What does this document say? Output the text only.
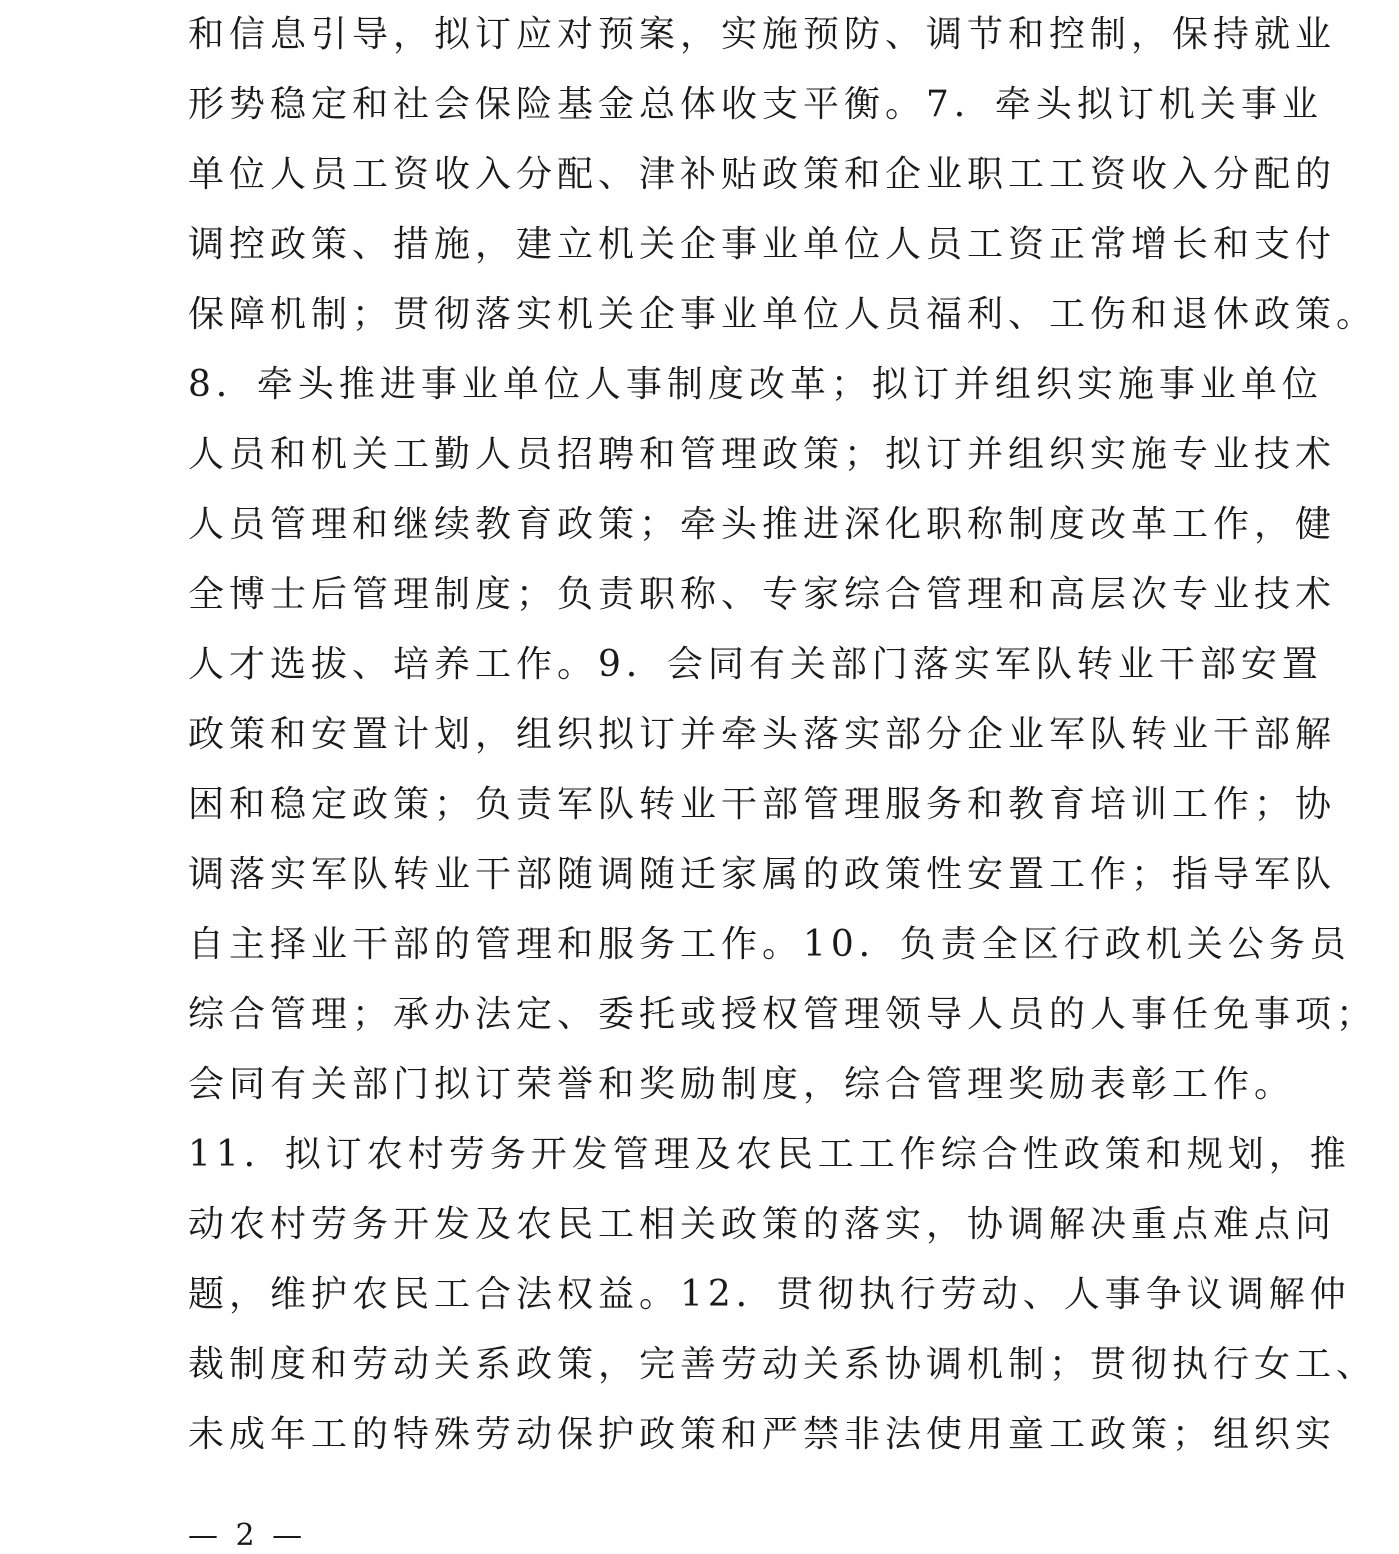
和信息引导，拟订应对预案，实施预防、调节和控制，保持就业
形势稳定和社会保险基金总体收支平衡。7．牵头拟订机关事业
单位人员工资收入分配、津补贴政策和企业职工工资收入分配的
调控政策、措施，建立机关企事业单位人员工资正常增长和支付
保障机制；贯彻落实机关企事业单位人员福利、工伤和退休政策。
8．牵头推进事业单位人事制度改革；拟订并组织实施事业单位
人员和机关工勤人员招聘和管理政策；拟订并组织实施专业技术
人员管理和继续教育政策；牵头推进深化职称制度改革工作，健
全博士后管理制度；负责职称、专家综合管理和高层次专业技术
人才选拔、培养工作。9．会同有关部门落实军队转业干部安置
政策和安置计划，组织拟订并牵头落实部分企业军队转业干部解
困和稳定政策；负责军队转业干部管理服务和教育培训工作；协
调落实军队转业干部随调随迁家属的政策性安置工作；指导军队
自主择业干部的管理和服务工作。10．负责全区行政机关公务员
综合管理；承办法定、委托或授权管理领导人员的人事任免事项；
会同有关部门拟订荣誉和奖励制度，综合管理奖励表彰工作。
11．拟订农村劳务开发管理及农民工工作综合性政策和规划，推
动农村劳务开发及农民工相关政策的落实，协调解决重点难点问
题，维护农民工合法权益。12．贯彻执行劳动、人事争议调解仲
裁制度和劳动关系政策，完善劳动关系协调机制；贯彻执行女工、
未成年工的特殊劳动保护政策和严禁非法使用童工政策；组织实
— 2 —
